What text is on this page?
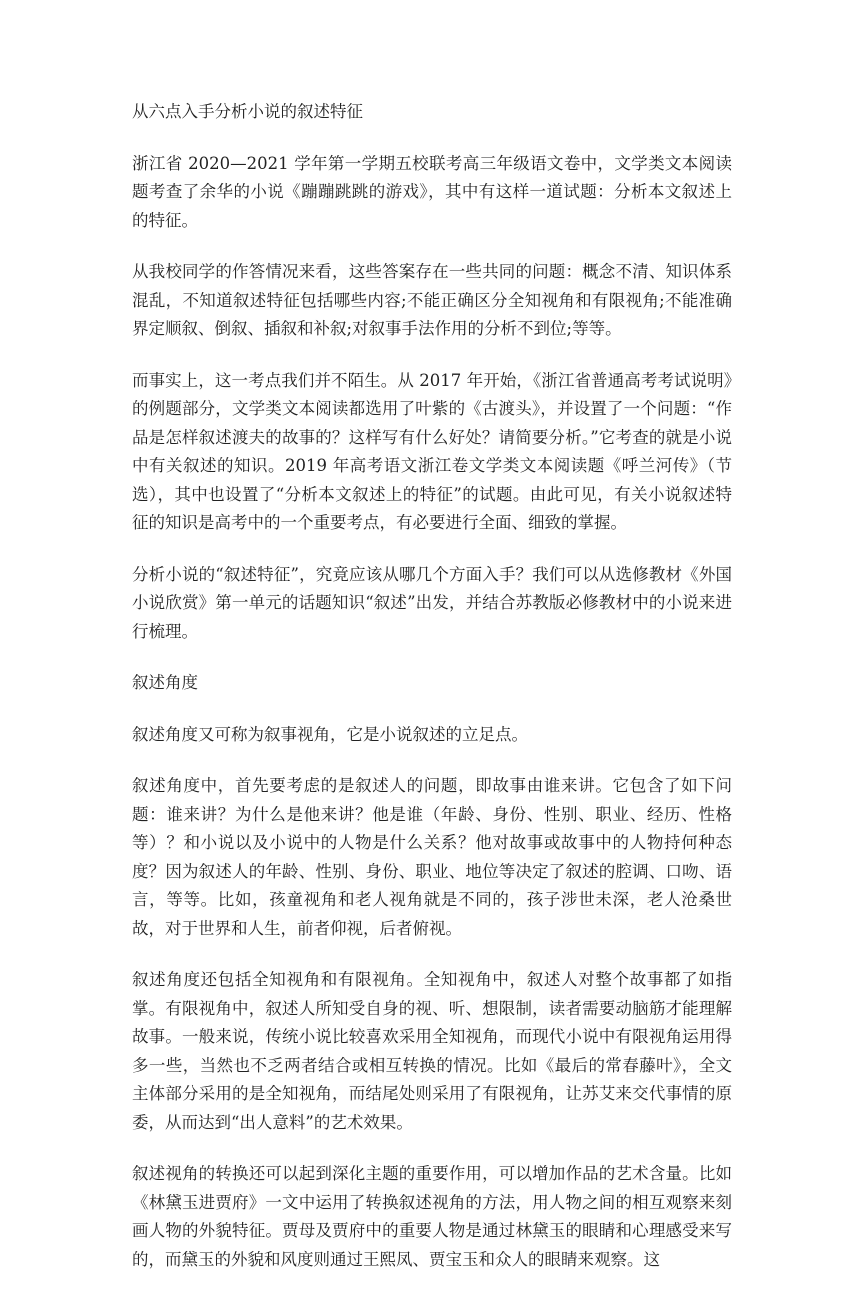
从六点入手分析小说的叙述特征

浙江省 2020—2021 学年第一学期五校联考高三年级语文卷中，文学类文本阅读题考查了余华的小说《蹦蹦跳跳的游戏》，其中有这样一道试题：分析本文叙述上的特征。

从我校同学的作答情况来看，这些答案存在一些共同的问题：概念不清、知识体系混乱，不知道叙述特征包括哪些内容;不能正确区分全知视角和有限视角;不能准确界定顺叙、倒叙、插叙和补叙;对叙事手法作用的分析不到位;等等。

而事实上，这一考点我们并不陌生。从 2017 年开始，《浙江省普通高考考试说明》的例题部分，文学类文本阅读都选用了叶紫的《古渡头》，并设置了一个问题：“作品是怎样叙述渡夫的故事的？这样写有什么好处？请简要分析。”它考查的就是小说中有关叙述的知识。2019 年高考语文浙江卷文学类文本阅读题《呼兰河传》（节选），其中也设置了“分析本文叙述上的特征”的试题。由此可见，有关小说叙述特征的知识是高考中的一个重要考点，有必要进行全面、细致的掌握。

分析小说的“叙述特征”，究竟应该从哪几个方面入手？我们可以从选修教材《外国小说欣赏》第一单元的话题知识“叙述”出发，并结合苏教版必修教材中的小说来进行梳理。

叙述角度

叙述角度又可称为叙事视角，它是小说叙述的立足点。

叙述角度中，首先要考虑的是叙述人的问题，即故事由谁来讲。它包含了如下问题：谁来讲？为什么是他来讲？他是谁（年龄、身份、性别、职业、经历、性格等）？和小说以及小说中的人物是什么关系？他对故事或故事中的人物持何种态度？因为叙述人的年龄、性别、身份、职业、地位等决定了叙述的腔调、口吻、语言，等等。比如，孩童视角和老人视角就是不同的，孩子涉世未深，老人沧桑世故，对于世界和人生，前者仰视，后者俯视。

叙述角度还包括全知视角和有限视角。全知视角中，叙述人对整个故事都了如指掌。有限视角中，叙述人所知受自身的视、听、想限制，读者需要动脑筋才能理解故事。一般来说，传统小说比较喜欢采用全知视角，而现代小说中有限视角运用得多一些，当然也不乏两者结合或相互转换的情况。比如《最后的常春藤叶》，全文主体部分采用的是全知视角，而结尾处则采用了有限视角，让苏艾来交代事情的原委，从而达到“出人意料”的艺术效果。

叙述视角的转换还可以起到深化主题的重要作用，可以增加作品的艺术含量。比如《林黛玉进贾府》一文中运用了转换叙述视角的方法，用人物之间的相互观察来刻画人物的外貌特征。贾母及贾府中的重要人物是通过林黛玉的眼睛和心理感受来写的，而黛玉的外貌和风度则通过王熙凤、贾宝玉和众人的眼睛来观察。这
